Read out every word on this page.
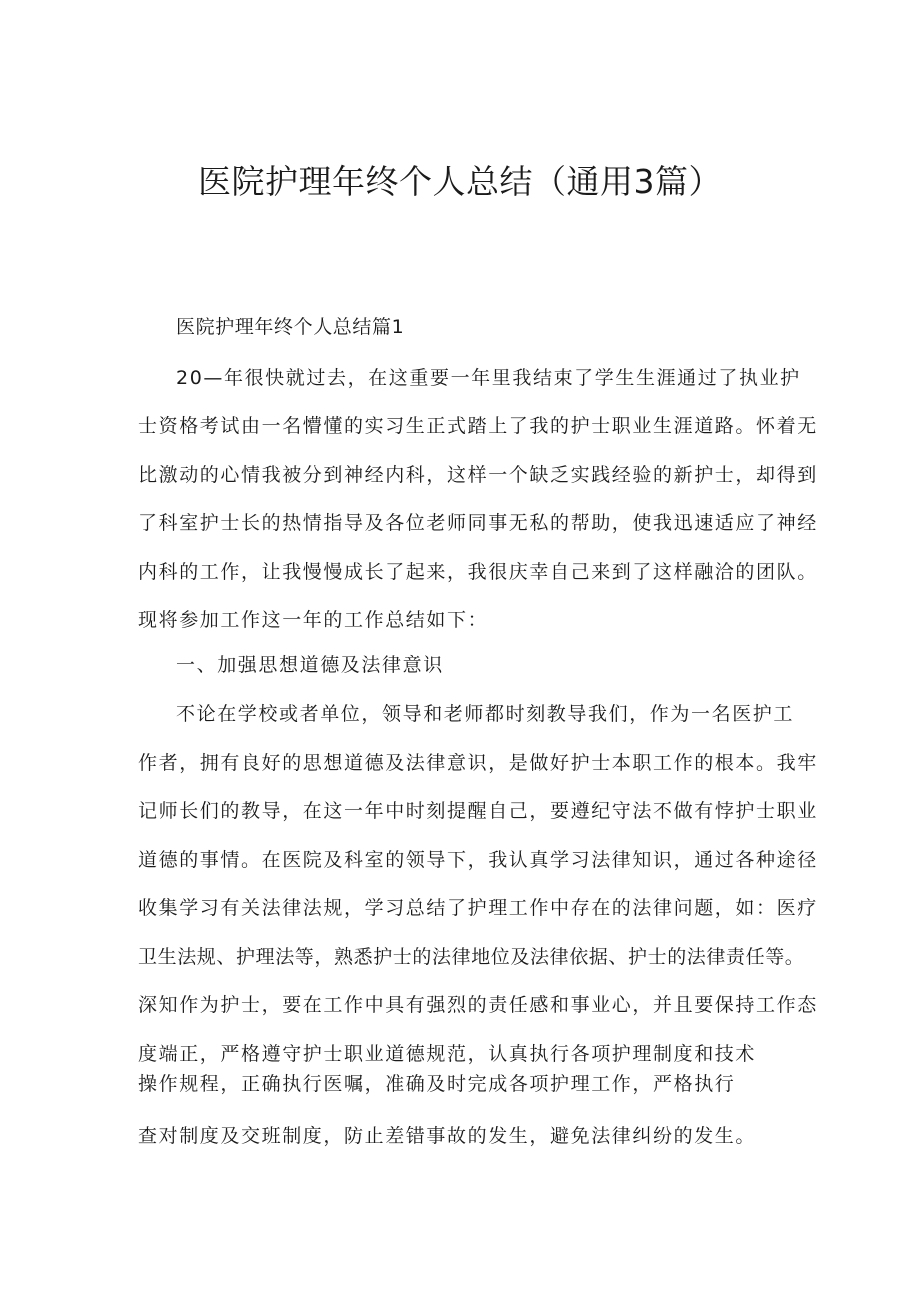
医院护理年终个人总结（通用3篇）
医院护理年终个人总结篇1
20—年很快就过去，在这重要一年里我结束了学生生涯通过了执业护
士资格考试由一名懵懂的实习生正式踏上了我的护士职业生涯道路。怀着无
比激动的心情我被分到神经内科，这样一个缺乏实践经验的新护士，却得到
了科室护士长的热情指导及各位老师同事无私的帮助，使我迅速适应了神经
内科的工作，让我慢慢成长了起来，我很庆幸自己来到了这样融洽的团队。
现将参加工作这一年的工作总结如下：
一、加强思想道德及法律意识
不论在学校或者单位，领导和老师都时刻教导我们，作为一名医护工
作者，拥有良好的思想道德及法律意识，是做好护士本职工作的根本。我牢
记师长们的教导，在这一年中时刻提醒自己，要遵纪守法不做有悖护士职业
道德的事情。在医院及科室的领导下，我认真学习法律知识，通过各种途径
收集学习有关法律法规，学习总结了护理工作中存在的法律问题，如：医疗
卫生法规、护理法等，熟悉护士的法律地位及法律依据、护士的法律责任等。
深知作为护士，要在工作中具有强烈的责任感和事业心，并且要保持工作态
度端正，严格遵守护士职业道德规范，认真执行各项护理制度和技术
操作规程，正确执行医嘱，准确及时完成各项护理工作，严格执行
查对制度及交班制度，防止差错事故的发生，避免法律纠纷的发生。
